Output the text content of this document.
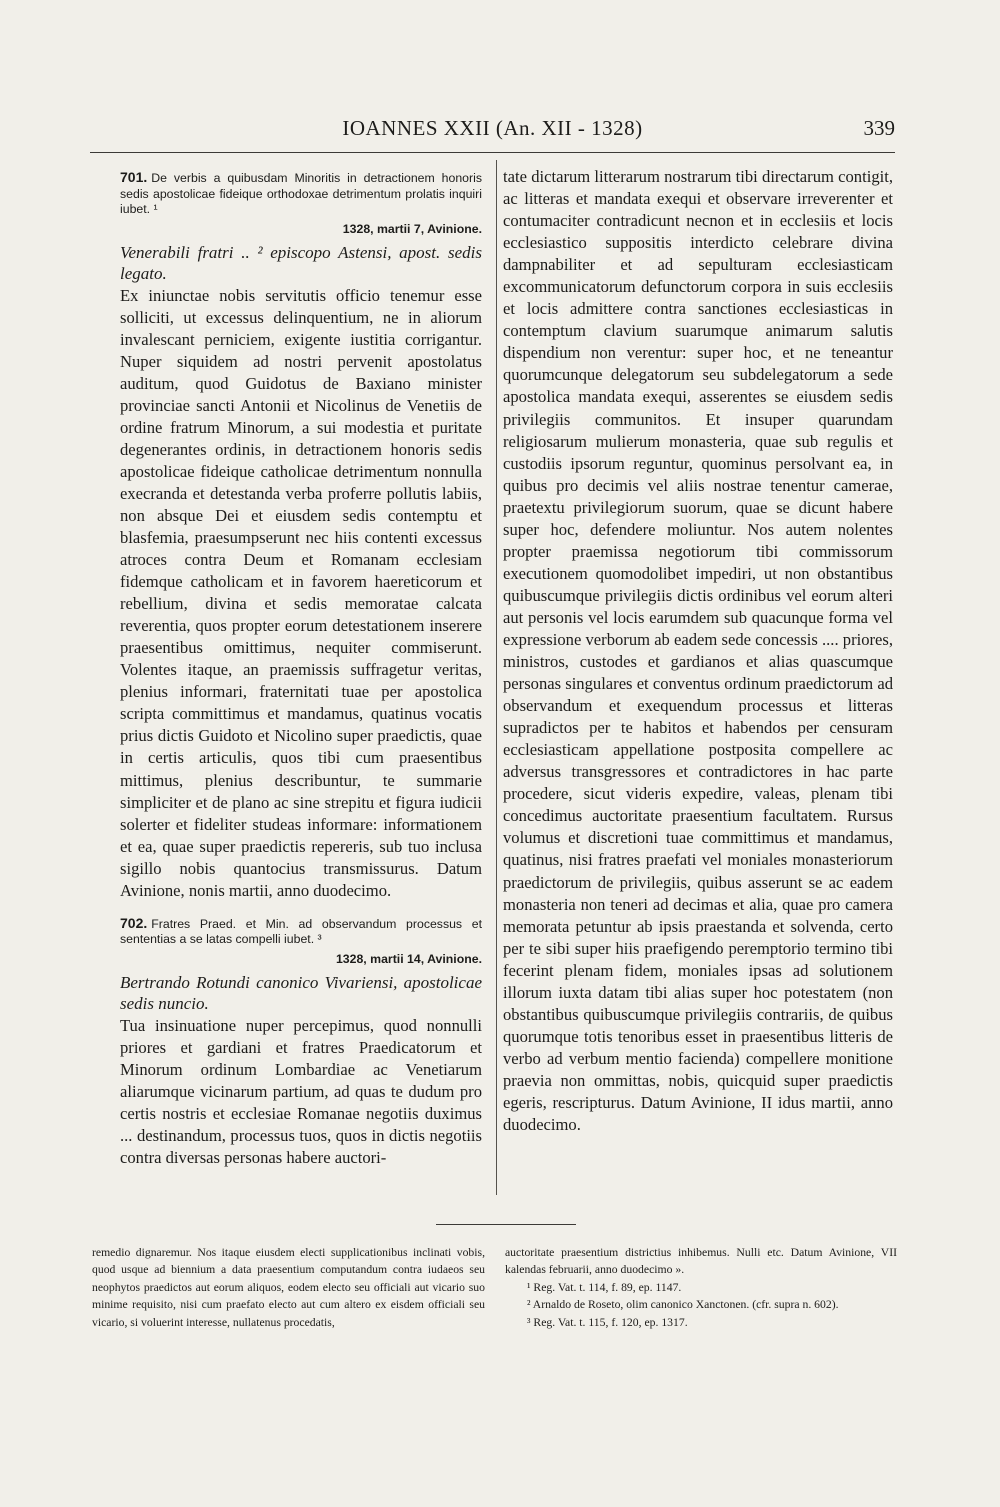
IOANNES XXII (An. XII - 1328)	339

701. De verbis a quibusdam Minoritis in detractionem honoris sedis apostolicae fideique orthodoxae detrimentum prolatis inquiri iubet. ¹

1328, martii 7, Avinione.

Venerabili fratri .. ² episcopo Astensi, apost. sedis legato.

Ex iniunctae nobis servitutis officio tenemur esse solliciti, ut excessus delinquentium, ne in aliorum invalescant perniciem, exigente iustitia corrigantur. Nuper siquidem ad nostri pervenit apostolatus auditum, quod Guidotus de Baxiano minister provinciae sancti Antonii et Nicolinus de Venetiis de ordine fratrum Minorum, a sui modestia et puritate degenerantes ordinis, in detractionem honoris sedis apostolicae fideique catholicae detrimentum nonnulla execranda et detestanda verba proferre pollutis labiis, non absque Dei et eiusdem sedis contemptu et blasfemia, praesumpserunt nec hiis contenti excessus atroces contra Deum et Romanam ecclesiam fidemque catholicam et in favorem haereticorum et rebellium, divina et sedis memoratae calcata reverentia, quos propter eorum detestationem inserere praesentibus omittimus, nequiter commiserunt. Volentes itaque, an praemissis suffragetur veritas, plenius informari, fraternitati tuae per apostolica scripta committimus et mandamus, quatinus vocatis prius dictis Guidoto et Nicolino super praedictis, quae in certis articulis, quos tibi cum praesentibus mittimus, plenius describuntur, te summarie simpliciter et de plano ac sine strepitu et figura iudicii solerter et fideliter studeas informare: informationem et ea, quae super praedictis repereris, sub tuo inclusa sigillo nobis quantocius transmissurus. Datum Avinione, nonis martii, anno duodecimo.

702. Fratres Praed. et Min. ad observandum processus et sententias a se latas compelli iubet. ³

1328, martii 14, Avinione.

Bertrando Rotundi canonico Vivariensi, apostolicae sedis nuncio.

Tua insinuatione nuper percepimus, quod nonnulli priores et gardiani et fratres Praedicatorum et Minorum ordinum Lombardiae ac Venetiarum aliarumque vicinarum partium, ad quas te dudum pro certis nostris et ecclesiae Romanae negotiis duximus ... destinandum, processus tuos, quos in dictis negotiis contra diversas personas habere auctori-

tate dictarum litterarum nostrarum tibi directarum contigit, ac litteras et mandata exequi et observare irreverenter et contumaciter contradicunt necnon et in ecclesiis et locis ecclesiastico suppositis interdicto celebrare divina dampnabiliter et ad sepulturam ecclesiasticam excommunicatorum defunctorum corpora in suis ecclesiis et locis admittere contra sanctiones ecclesiasticas in contemptum clavium suarumque animarum salutis dispendium non verentur: super hoc, et ne teneantur quorumcunque delegatorum seu subdelegatorum a sede apostolica mandata exequi, asserentes se eiusdem sedis privilegiis communitos. Et insuper quarundam religiosarum mulierum monasteria, quae sub regulis et custodiis ipsorum reguntur, quominus persolvant ea, in quibus pro decimis vel aliis nostrae tenentur camerae, praetextu privilegiorum suorum, quae se dicunt habere super hoc, defendere moliuntur. Nos autem nolentes propter praemissa negotiorum tibi commissorum executionem quomodolibet impediri, ut non obstantibus quibuscumque privilegiis dictis ordinibus vel eorum alteri aut personis vel locis earumdem sub quacunque forma vel expressione verborum ab eadem sede concessis .... priores, ministros, custodes et gardianos et alias quascumque personas singulares et conventus ordinum praedictorum ad observandum et exequendum processus et litteras supradictos per te habitos et habendos per censuram ecclesiasticam appellatione postposita compellere ac adversus transgressores et contradictores in hac parte procedere, sicut videris expedire, valeas, plenam tibi concedimus auctoritate praesentium facultatem. Rursus volumus et discretioni tuae committimus et mandamus, quatinus, nisi fratres praefati vel moniales monasteriorum praedictorum de privilegiis, quibus asserunt se ac eadem monasteria non teneri ad decimas et alia, quae pro camera memorata petuntur ab ipsis praestanda et solvenda, certo per te sibi super hiis praefigendo peremptorio termino tibi fecerint plenam fidem, moniales ipsas ad solutionem illorum iuxta datam tibi alias super hoc potestatem (non obstantibus quibuscumque privilegiis contrariis, de quibus quorumque totis tenoribus esset in praesentibus litteris de verbo ad verbum mentio facienda) compellere monitione praevia non ommittas, nobis, quicquid super praedictis egeris, rescripturus. Datum Avinione, II idus martii, anno duodecimo.

remedio dignaremur. Nos itaque eiusdem electi supplicationibus inclinati vobis, quod usque ad biennium a data praesentium computandum contra iudaeos seu neophytos praedictos aut eorum aliquos, eodem electo seu officiali aut vicario suo minime requisito, nisi cum praefato electo aut cum altero ex eisdem officiali seu vicario, si voluerint interesse, nullatenus procedatis,

auctoritate praesentium districtius inhibemus. Nulli etc. Datum Avinione, VII kalendas februarii, anno duodecimo ».

¹ Reg. Vat. t. 114, f. 89, ep. 1147.

² Arnaldo de Roseto, olim canonico Xanctonen. (cfr. supra n. 602).

³ Reg. Vat. t. 115, f. 120, ep. 1317.
